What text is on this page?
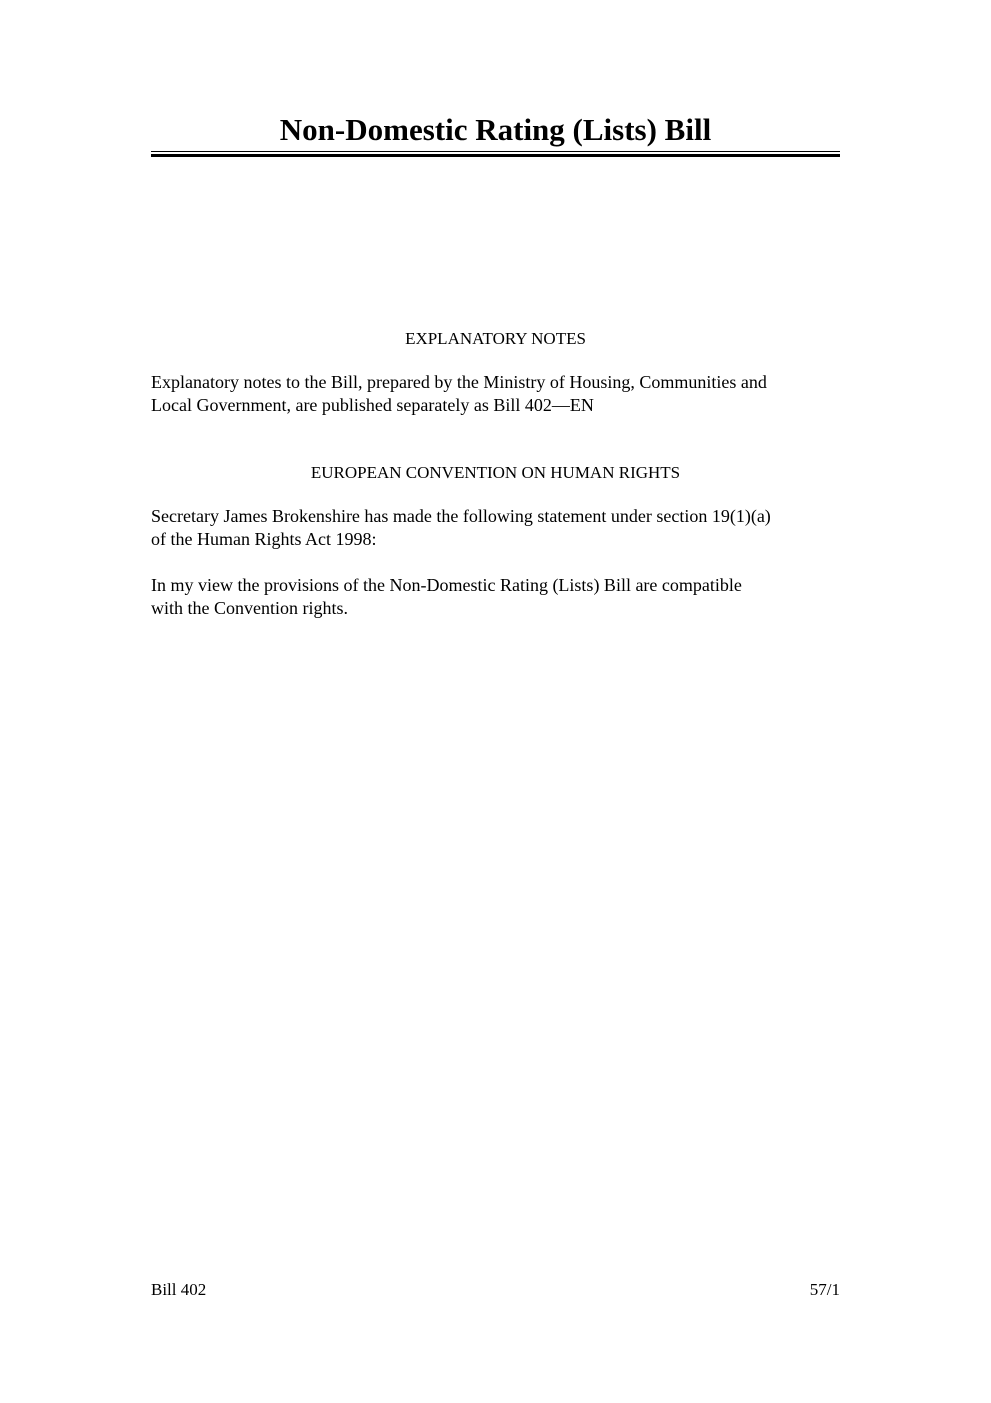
Non-Domestic Rating (Lists) Bill
EXPLANATORY NOTES
Explanatory notes to the Bill, prepared by the Ministry of Housing, Communities and
Local Government, are published separately as Bill 402—EN
EUROPEAN CONVENTION ON HUMAN RIGHTS
Secretary James Brokenshire has made the following statement under section 19(1)(a)
of the Human Rights Act 1998:
In my view the provisions of the Non-Domestic Rating (Lists) Bill are compatible
with the Convention rights.
Bill 402	57/1
